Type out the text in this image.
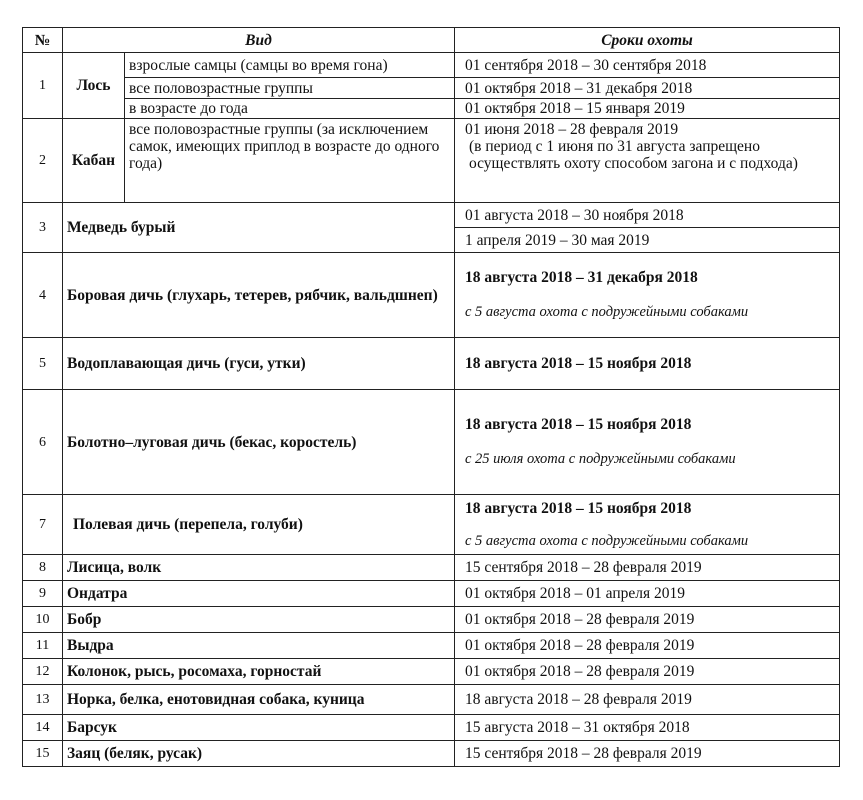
№	Вид		Сроки охоты
1	Лось	взрослые самцы (самцы во время гона)	01 сентября 2018 – 30 сентября 2018
		все половозрастные группы	01 октября 2018 – 31 декабря 2018
		в возрасте до года	01 октября 2018 – 15 января 2019
2	Кабан	все половозрастные группы (за исключением самок, имеющих приплод в возрасте до одного года)	01 июня 2018 – 28 февраля 2019
(в период с 1 июня по 31 августа запрещено осуществлять охоту способом загона и с подхода)

3	Медведь бурый		01 августа 2018 – 30 ноября 2018
			1 апреля 2019 – 30 мая 2019
4	Боровая дичь (глухарь, тетерев, рябчик, вальдшнеп)		18 августа 2018 – 31 декабря 2018
с 5 августа охота с подружейными собаками

5	Водоплавающая дичь (гуси, утки)		18 августа 2018 – 15 ноября 2018
6	Болотно–луговая дичь (бекас, коростель)		18 августа 2018 – 15 ноября 2018
с 25 июля охота с подружейными собаками

7	Полевая дичь (перепела, голуби)		18 августа 2018 – 15 ноября 2018
с 5 августа охота с подружейными собаками

8	Лисица, волк		15 сентября 2018 – 28 февраля 2019
9	Ондатра		01 октября 2018 – 01 апреля 2019
10	Бобр		01 октября 2018 – 28 февраля 2019
11	Выдра		01 октября 2018 – 28 февраля 2019
12	Колонок, рысь, росомаха, горностай		01 октября 2018 – 28 февраля 2019
13	Норка, белка, енотовидная собака, куница		18 августа 2018 – 28 февраля 2019
14	Барсук		15 августа 2018 – 31 октября 2018
15	Заяц (беляк, русак)		15 сентября 2018 – 28 февраля 2019
